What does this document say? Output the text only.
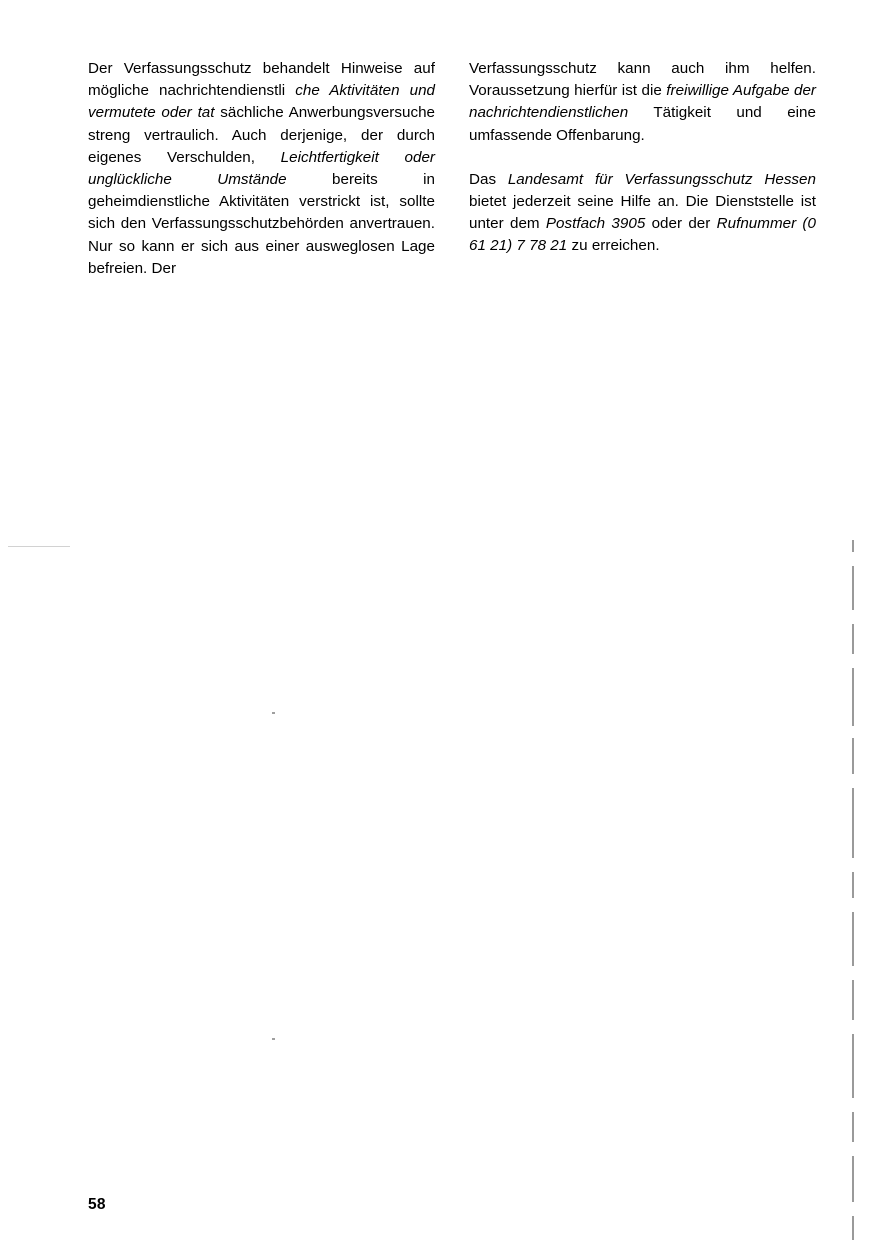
Der Verfassungsschutz behandelt Hinweise auf mögliche nachrichtendienstli che Aktivitäten und vermutete oder tat sächliche Anwerbungsversuche streng vertraulich. Auch derjenige, der durch eigenes Verschulden, Leichtfertigkeit oder unglückliche Umstände	bereits in geheimdienstliche Aktivitäten verstrickt ist, sollte sich den Verfassungsschutzbehörden anvertrauen. Nur so kann er sich aus einer ausweglosen Lage befreien. Der

Verfassungsschutz kann auch ihm helfen. Voraussetzung hierfür ist die freiwillige Aufgabe der nachrichtendienstlichen Tätigkeit und eine umfassende Offenbarung.

Das Landesamt für Verfassungsschutz Hessen bietet jederzeit seine Hilfe an. Die Dienststelle ist unter dem Postfach 3905 oder der Rufnummer (0 61 21) 7 78 21 zu erreichen.

58
